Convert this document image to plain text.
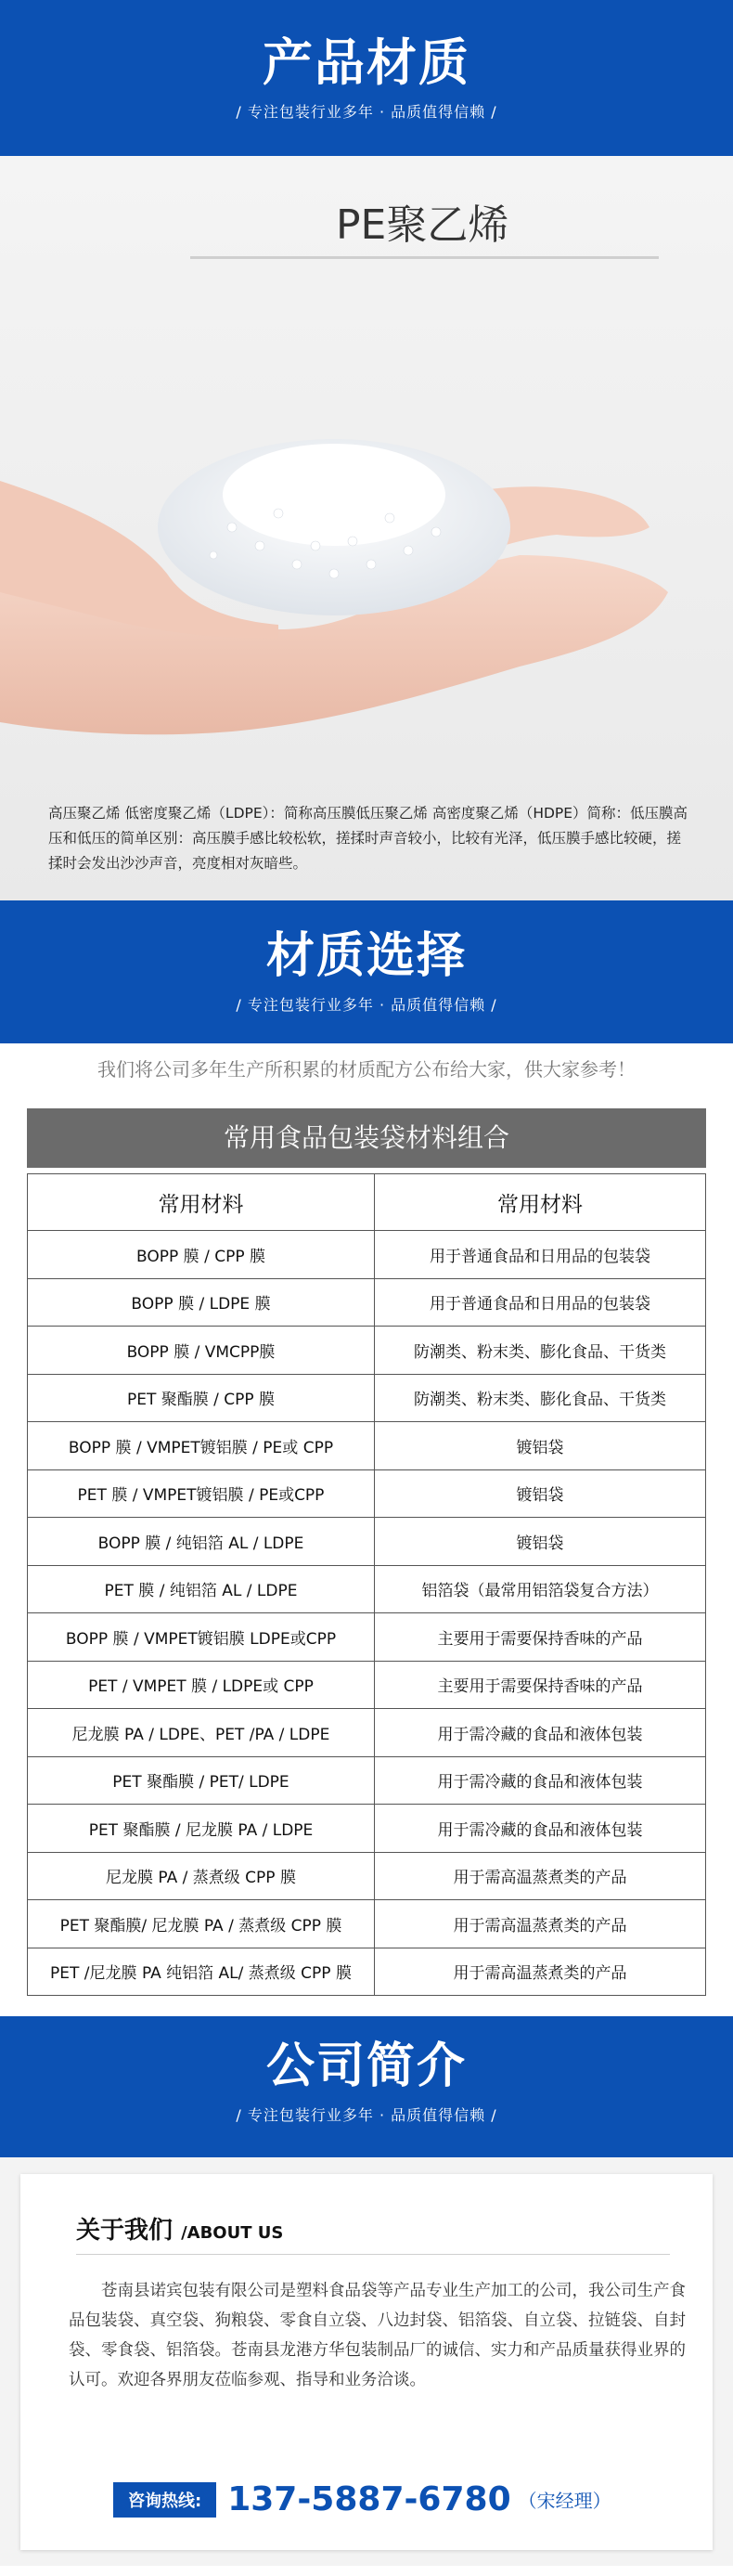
产品材质
/ 专注包装行业多年 · 品质值得信赖 /
PE聚乙烯
高压聚乙烯 低密度聚乙烯（LDPE）：简称高压膜低压聚乙烯 高密度聚乙烯（HDPE）简称：低压膜高压和低压的简单区别：高压膜手感比较松软，搓揉时声音较小，比较有光泽，低压膜手感比较硬，搓揉时会发出沙沙声音，亮度相对灰暗些。
材质选择
/ 专注包装行业多年 · 品质值得信赖 /
我们将公司多年生产所积累的材质配方公布给大家，供大家参考！
常用食品包装袋材料组合
常用材料	常用材料
BOPP 膜 / CPP 膜	用于普通食品和日用品的包装袋
BOPP 膜 / LDPE 膜	用于普通食品和日用品的包装袋
BOPP 膜 / VMCPP膜	防潮类、粉末类、膨化食品、干货类
PET 聚酯膜 / CPP 膜	防潮类、粉末类、膨化食品、干货类
BOPP 膜 / VMPET镀铝膜 / PE或 CPP	镀铝袋
PET 膜 / VMPET镀铝膜 / PE或CPP	镀铝袋
BOPP 膜 / 纯铝箔 AL / LDPE	镀铝袋
PET 膜 / 纯铝箔 AL / LDPE	铝箔袋（最常用铝箔袋复合方法）
BOPP 膜 / VMPET镀铝膜 LDPE或CPP	主要用于需要保持香味的产品
PET / VMPET 膜 / LDPE或 CPP	主要用于需要保持香味的产品
尼龙膜 PA / LDPE、PET /PA / LDPE	用于需冷藏的食品和液体包装
PET 聚酯膜 / PET/ LDPE	用于需冷藏的食品和液体包装
PET 聚酯膜 / 尼龙膜 PA / LDPE	用于需冷藏的食品和液体包装
尼龙膜 PA / 蒸煮级 CPP 膜	用于需高温蒸煮类的产品
PET 聚酯膜/ 尼龙膜 PA / 蒸煮级 CPP 膜	用于需高温蒸煮类的产品
PET /尼龙膜 PA 纯铝箔 AL/ 蒸煮级 CPP 膜	用于需高温蒸煮类的产品
公司简介
/ 专注包装行业多年 · 品质值得信赖 /
关于我们 /ABOUT US
苍南县诺宾包装有限公司是塑料食品袋等产品专业生产加工的公司，我公司生产食品包装袋、真空袋、狗粮袋、零食自立袋、八边封袋、铝箔袋、自立袋、拉链袋、自封袋、零食袋、铝箔袋。苍南县龙港方华包装制品厂的诚信、实力和产品质量获得业界的认可。欢迎各界朋友莅临参观、指导和业务洽谈。
咨询热线: 137-5887-6780 （宋经理）
